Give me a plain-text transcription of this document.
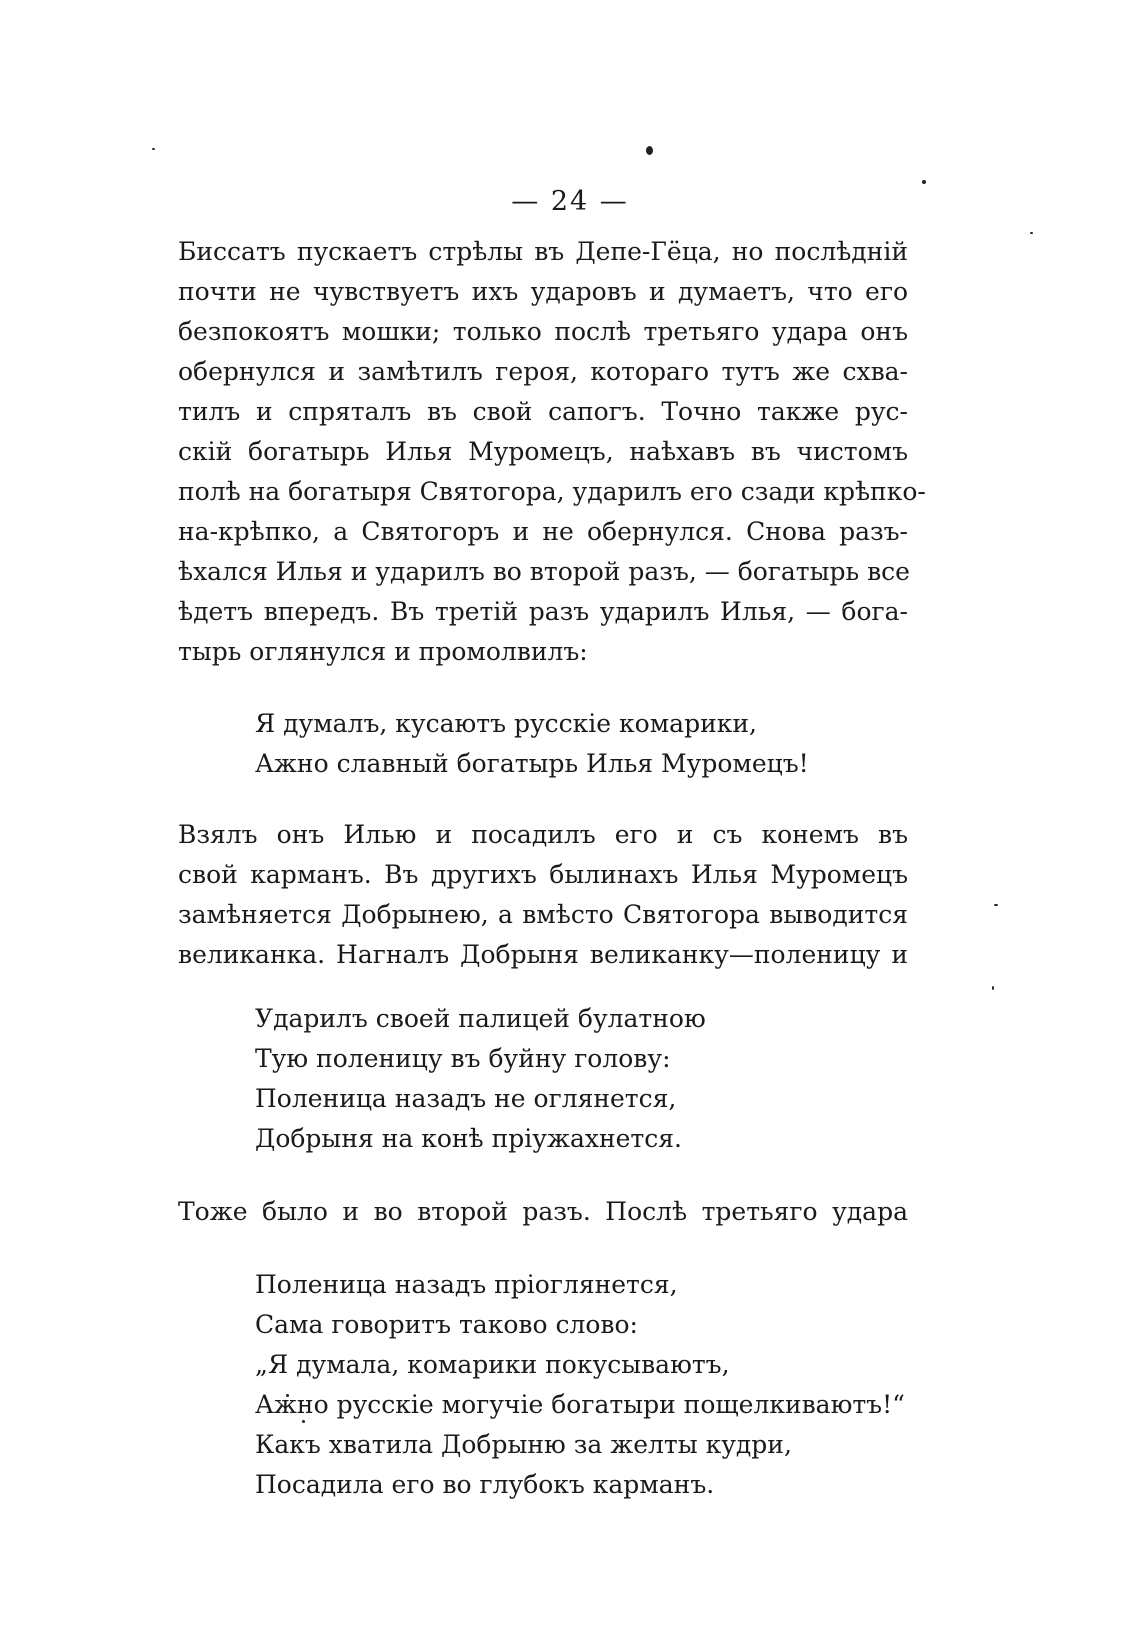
— 24 —
Биссатъ пускаетъ стрѣлы въ Депе-Гёца, но послѣднiй
почти не чувствуетъ ихъ ударовъ и думаетъ, что его
безпокоятъ мошки; только послѣ третьяго удара онъ
обернулся и замѣтилъ героя, котораго тутъ же схва-
тилъ и спряталъ въ свой сапогъ. Точно также рус-
скiй богатырь Илья Муромецъ, наѣхавъ въ чистомъ
полѣ на богатыря Святогора, ударилъ его сзади крѣпко-
на-крѣпко, а Святогоръ и не обернулся. Снова разъ-
ѣхался Илья и ударилъ во второй разъ, — богатырь все
ѣдетъ впередъ. Въ третiй разъ ударилъ Илья, — бога-
тырь оглянулся и промолвилъ:
Я думалъ, кусаютъ русскiе комарики,
Ажно славный богатырь Илья Муромецъ!
Взялъ онъ Илью и посадилъ его и съ конемъ въ
свой карманъ. Въ другихъ былинахъ Илья Муромецъ
замѣняется Добрынею, а вмѣсто Святогора выводится
великанка. Нагналъ Добрыня великанку—поленицу и
Ударилъ своей палицей булатною
Тую поленицу въ буйну голову:
Поленица назадъ не оглянется,
Добрыня на конѣ прiужахнется.
Тоже было и во второй разъ. Послѣ третьяго удара
Поленица назадъ прiоглянется,
Сама говоритъ таково слово:
„Я думала, комарики покусываютъ,
Ажно русскiе могучiе богатыри пощелкиваютъ!“
Какъ хватила Добрыню за желты кудри,
Посадила его во глубокъ карманъ.
